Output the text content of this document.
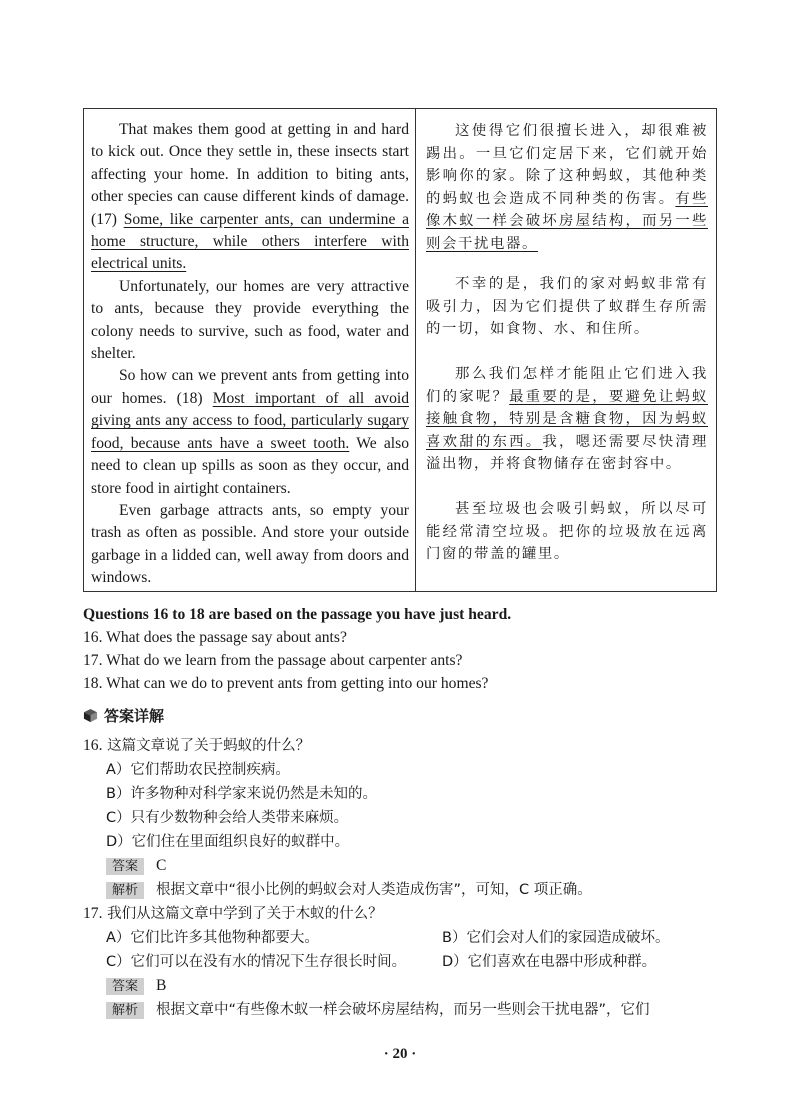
That makes them good at getting in and hard to kick out. Once they settle in, these insects start affecting your home. In addition to biting ants, other species can cause different kinds of damage. (17) Some, like carpenter ants, can undermine a home structure, while others interfere with electrical units.

Unfortunately, our homes are very attractive to ants, because they provide everything the colony needs to survive, such as food, water and shelter.

So how can we prevent ants from getting into our homes. (18) Most important of all avoid giving ants any access to food, particularly sugary food, because ants have a sweet tooth. We also need to clean up spills as soon as they occur, and store food in airtight containers.

Even garbage attracts ants, so empty your trash as often as possible. And store your outside garbage in a lidded can, well away from doors and windows.

这使得它们很擅长进入，却很难被踢出。一旦它们定居下来，它们就开始影响你的家。除了这种蚂蚁，其他种类的蚂蚁也会造成不同种类的伤害。有些像木蚁一样会破坏房屋结构，而另一些则会干扰电器。

不幸的是，我们的家对蚂蚁非常有吸引力，因为它们提供了蚁群生存所需的一切，如食物、水、和住所。

那么我们怎样才能阻止它们进入我们的家呢？最重要的是，要避免让蚂蚁接触食物，特别是含糖食物，因为蚂蚁喜欢甜的东西。我，嗯还需要尽快清理溢出物，并将食物储存在密封容中。

甚至垃圾也会吸引蚂蚁，所以尽可能经常清空垃圾。把你的垃圾放在远离门窗的带盖的罐里。

Questions 16 to 18 are based on the passage you have just heard.
16. What does the passage say about ants?
17. What do we learn from the passage about carpenter ants?
18. What can we do to prevent ants from getting into our homes?
答案详解
16. 这篇文章说了关于蚂蚁的什么？
A）它们帮助农民控制疾病。
B）许多物种对科学家来说仍然是未知的。
C）只有少数物种会给人类带来麻烦。
D）它们住在里面组织良好的蚁群中。
答案 C
解析 根据文章中“很小比例的蚂蚁会对人类造成伤害”，可知，C 项正确。
17. 我们从这篇文章中学到了关于木蚁的什么？
A）它们比许多其他物种都要大。	B）它们会对人们的家园造成破坏。
C）它们可以在没有水的情况下生存很长时间。 D）它们喜欢在电器中形成种群。
答案 B
解析 根据文章中“有些像木蚁一样会破坏房屋结构，而另一些则会干扰电器”，它们
· 20 ·
